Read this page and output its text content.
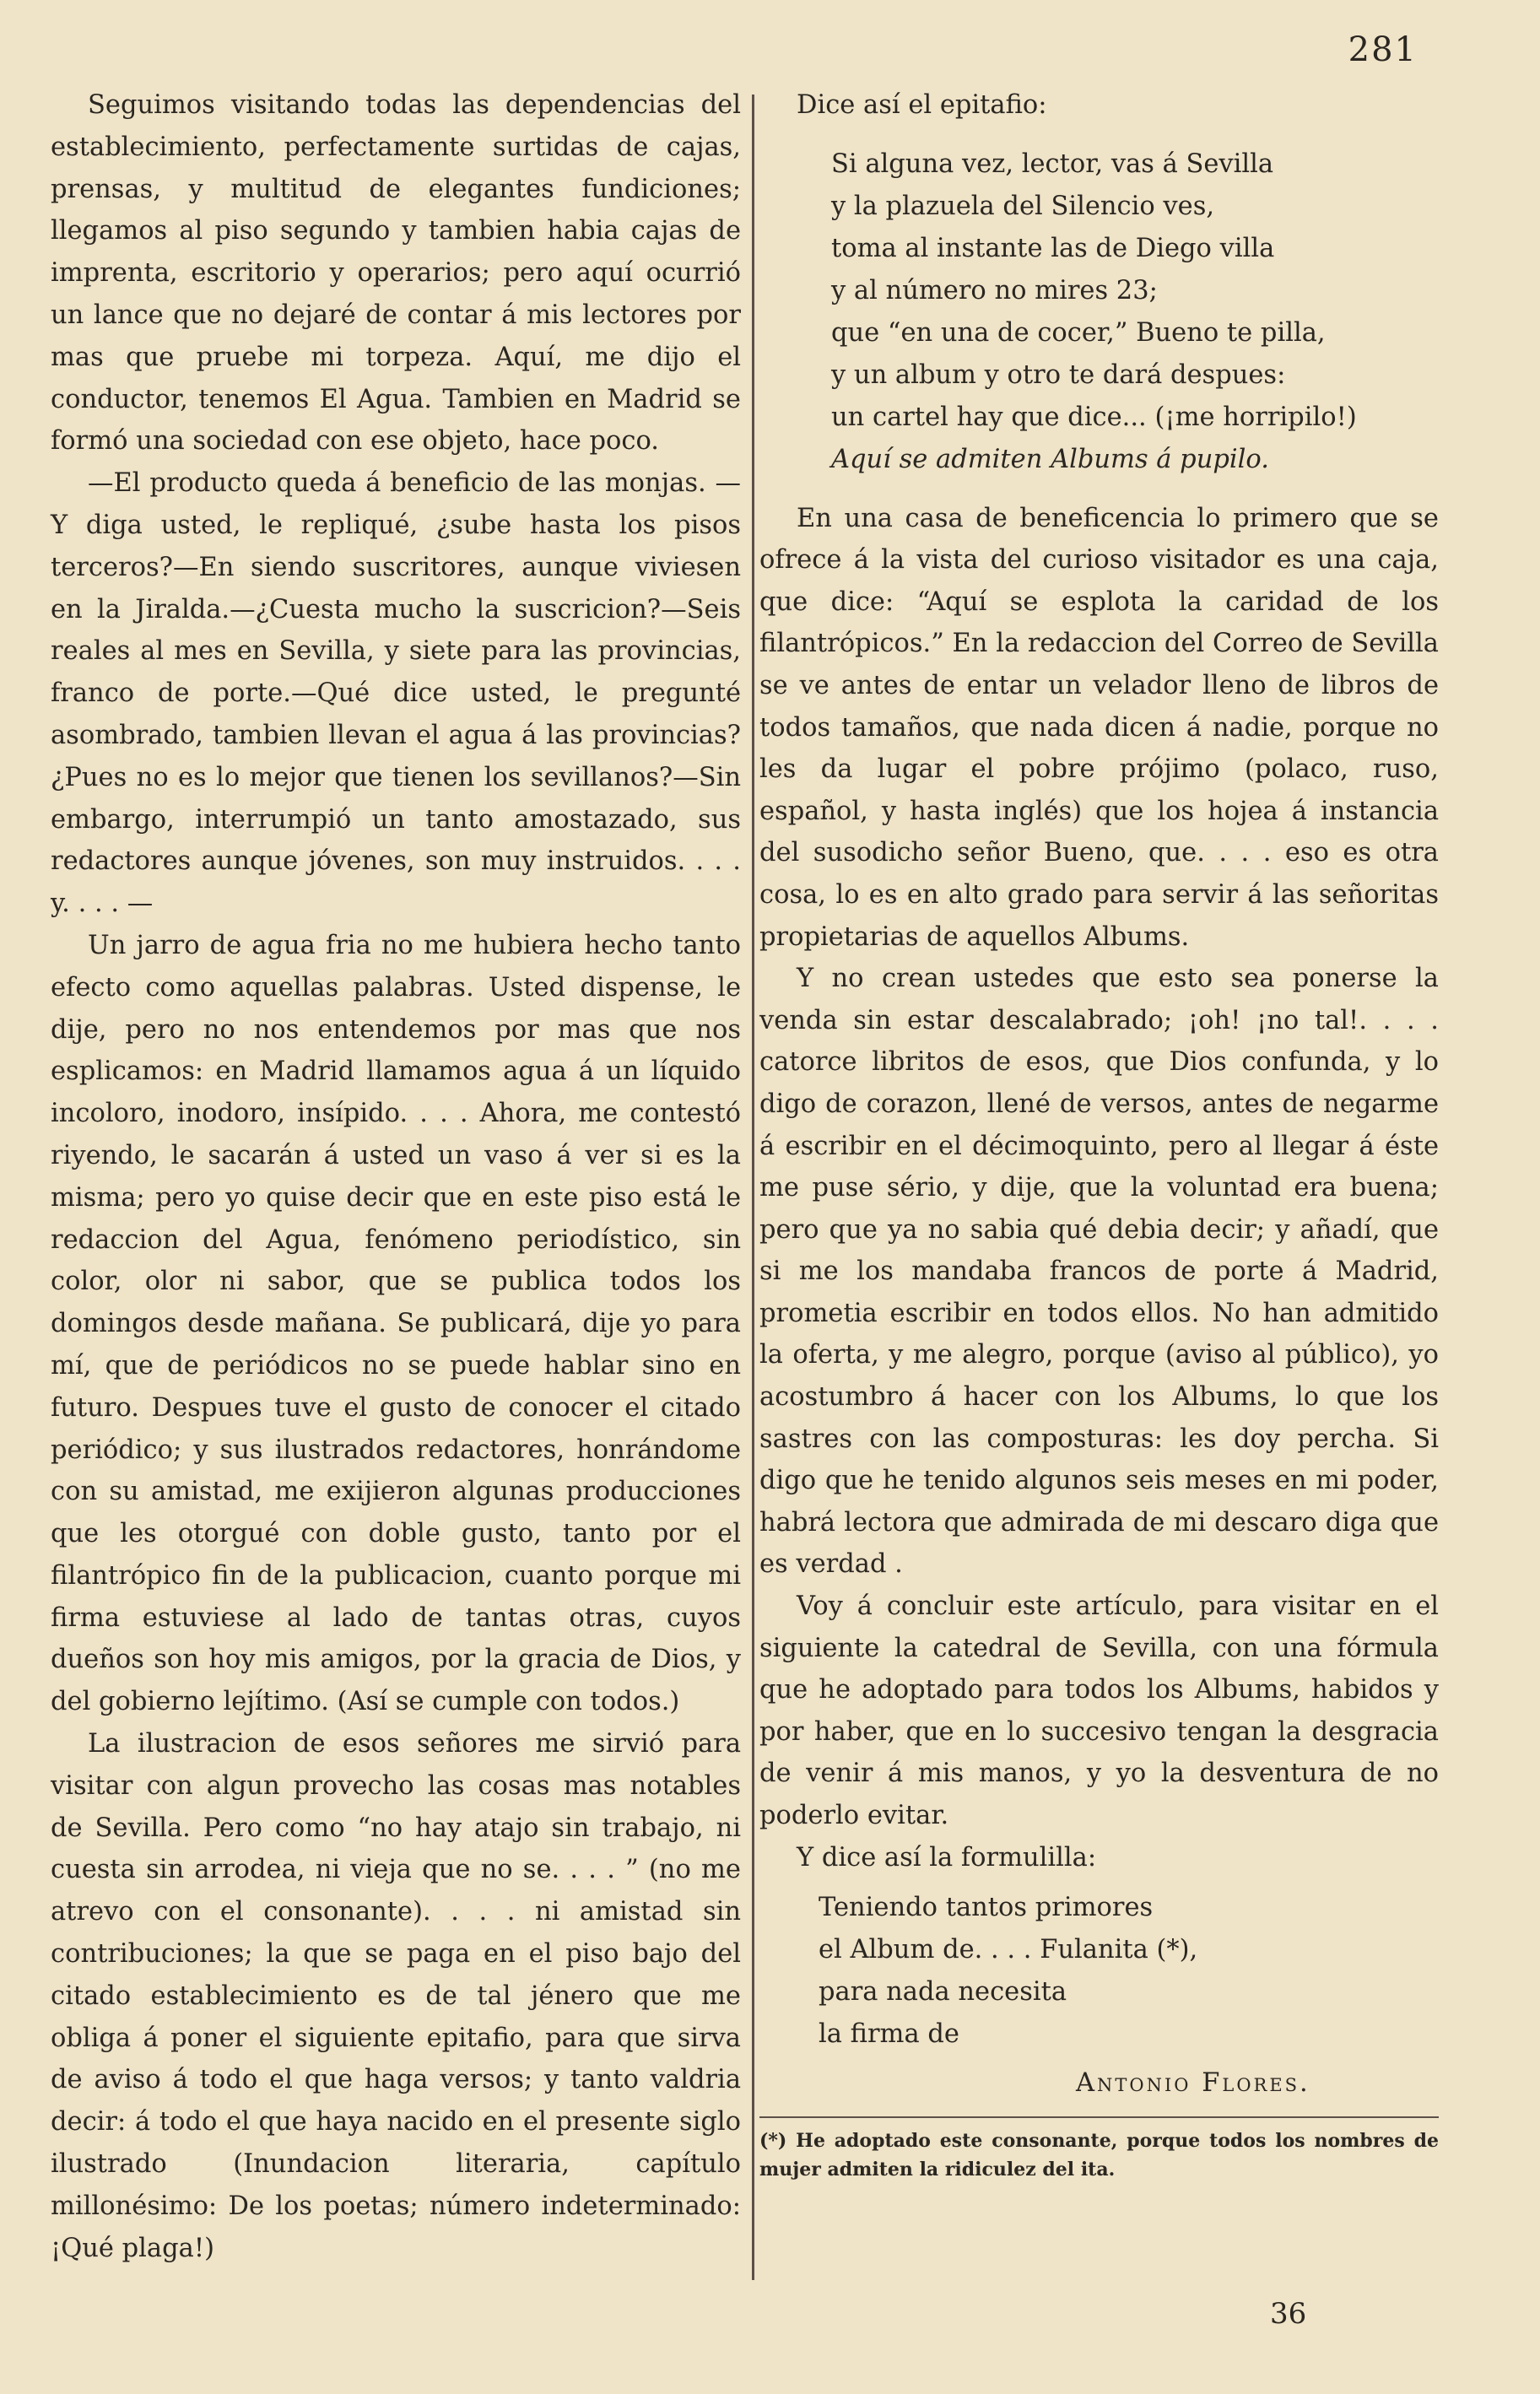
281

Seguimos visitando todas las dependencias del establecimiento, perfectamente surtidas de cajas, prensas, y multitud de elegantes fundiciones; llegamos al piso segundo y tambien habia cajas de imprenta, escritorio y operarios; pero aquí ocurrió un lance que no dejaré de contar á mis lectores por mas que pruebe mi torpeza. Aquí, me dijo el conductor, tenemos El Agua. Tambien en Madrid se formó una sociedad con ese objeto, hace poco.

—El producto queda á beneficio de las monjas. —Y diga usted, le repliqué, ¿sube hasta los pisos terceros?—En siendo suscritores, aunque viviesen en la Jiralda.—¿Cuesta mucho la suscricion?—Seis reales al mes en Sevilla, y siete para las provincias, franco de porte.—Qué dice usted, le pregunté asombrado, tambien llevan el agua á las provincias? ¿Pues no es lo mejor que tienen los sevillanos?—Sin embargo, interrumpió un tanto amostazado, sus redactores aunque jóvenes, son muy instruidos. . . . y. . . . —

Un jarro de agua fria no me hubiera hecho tanto efecto como aquellas palabras. Usted dispense, le dije, pero no nos entendemos por mas que nos esplicamos: en Madrid llamamos agua á un líquido incoloro, inodoro, insípido. . . . Ahora, me contestó riyendo, le sacarán á usted un vaso á ver si es la misma; pero yo quise decir que en este piso está le redaccion del Agua, fenómeno periodístico, sin color, olor ni sabor, que se publica todos los domingos desde mañana. Se publicará, dije yo para mí, que de periódicos no se puede hablar sino en futuro. Despues tuve el gusto de conocer el citado periódico; y sus ilustrados redactores, honrándome con su amistad, me exijieron algunas producciones que les otorgué con doble gusto, tanto por el filantrópico fin de la publicacion, cuanto porque mi firma estuviese al lado de tantas otras, cuyos dueños son hoy mis amigos, por la gracia de Dios, y del gobierno lejítimo. (Así se cumple con todos.)

La ilustracion de esos señores me sirvió para visitar con algun provecho las cosas mas notables de Sevilla. Pero como “no hay atajo sin trabajo, ni cuesta sin arrodea, ni vieja que no se. . . . ” (no me atrevo con el consonante). . . . ni amistad sin contribuciones; la que se paga en el piso bajo del citado establecimiento es de tal jénero que me obliga á poner el siguiente epitafio, para que sirva de aviso á todo el que haga versos; y tanto valdria decir: á todo el que haya nacido en el presente siglo ilustrado (Inundacion literaria, capítulo millonésimo: De los poetas; número indeterminado: ¡Qué plaga!)

Dice así el epitafio:

Si alguna vez, lector, vas á Sevilla
y la plazuela del Silencio ves,
toma al instante las de Diego villa
y al número no mires 23;
que “en una de cocer,” Bueno te pilla,
y un album y otro te dará despues:
un cartel hay que dice... (¡me horripilo!)
Aquí se admiten Albums á pupilo.

En una casa de beneficencia lo primero que se ofrece á la vista del curioso visitador es una caja, que dice: “Aquí se esplota la caridad de los filantrópicos.” En la redaccion del Correo de Sevilla se ve antes de entar un velador lleno de libros de todos tamaños, que nada dicen á nadie, porque no les da lugar el pobre prójimo (polaco, ruso, español, y hasta inglés) que los hojea á instancia del susodicho señor Bueno, que. . . . eso es otra cosa, lo es en alto grado para servir á las señoritas propietarias de aquellos Albums.

Y no crean ustedes que esto sea ponerse la venda sin estar descalabrado; ¡oh! ¡no tal!. . . . catorce libritos de esos, que Dios confunda, y lo digo de corazon, llené de versos, antes de negarme á escribir en el décimoquinto, pero al llegar á éste me puse sério, y dije, que la voluntad era buena; pero que ya no sabia qué debia decir; y añadí, que si me los mandaba francos de porte á Madrid, prometia escribir en todos ellos. No han admitido la oferta, y me alegro, porque (aviso al público), yo acostumbro á hacer con los Albums, lo que los sastres con las composturas: les doy percha. Si digo que he tenido algunos seis meses en mi poder, habrá lectora que admirada de mi descaro diga que es verdad .

Voy á concluir este artículo, para visitar en el siguiente la catedral de Sevilla, con una fórmula que he adoptado para todos los Albums, habidos y por haber, que en lo succesivo tengan la desgracia de venir á mis manos, y yo la desventura de no poderlo evitar.

Y dice así la formulilla:

Teniendo tantos primores
el Album de. . . . Fulanita (*),
para nada necesita
la firma de
Antonio Flores.
(*) He adoptado este consonante, porque todos los nombres de mujer admiten la ridiculez del ita.
36
